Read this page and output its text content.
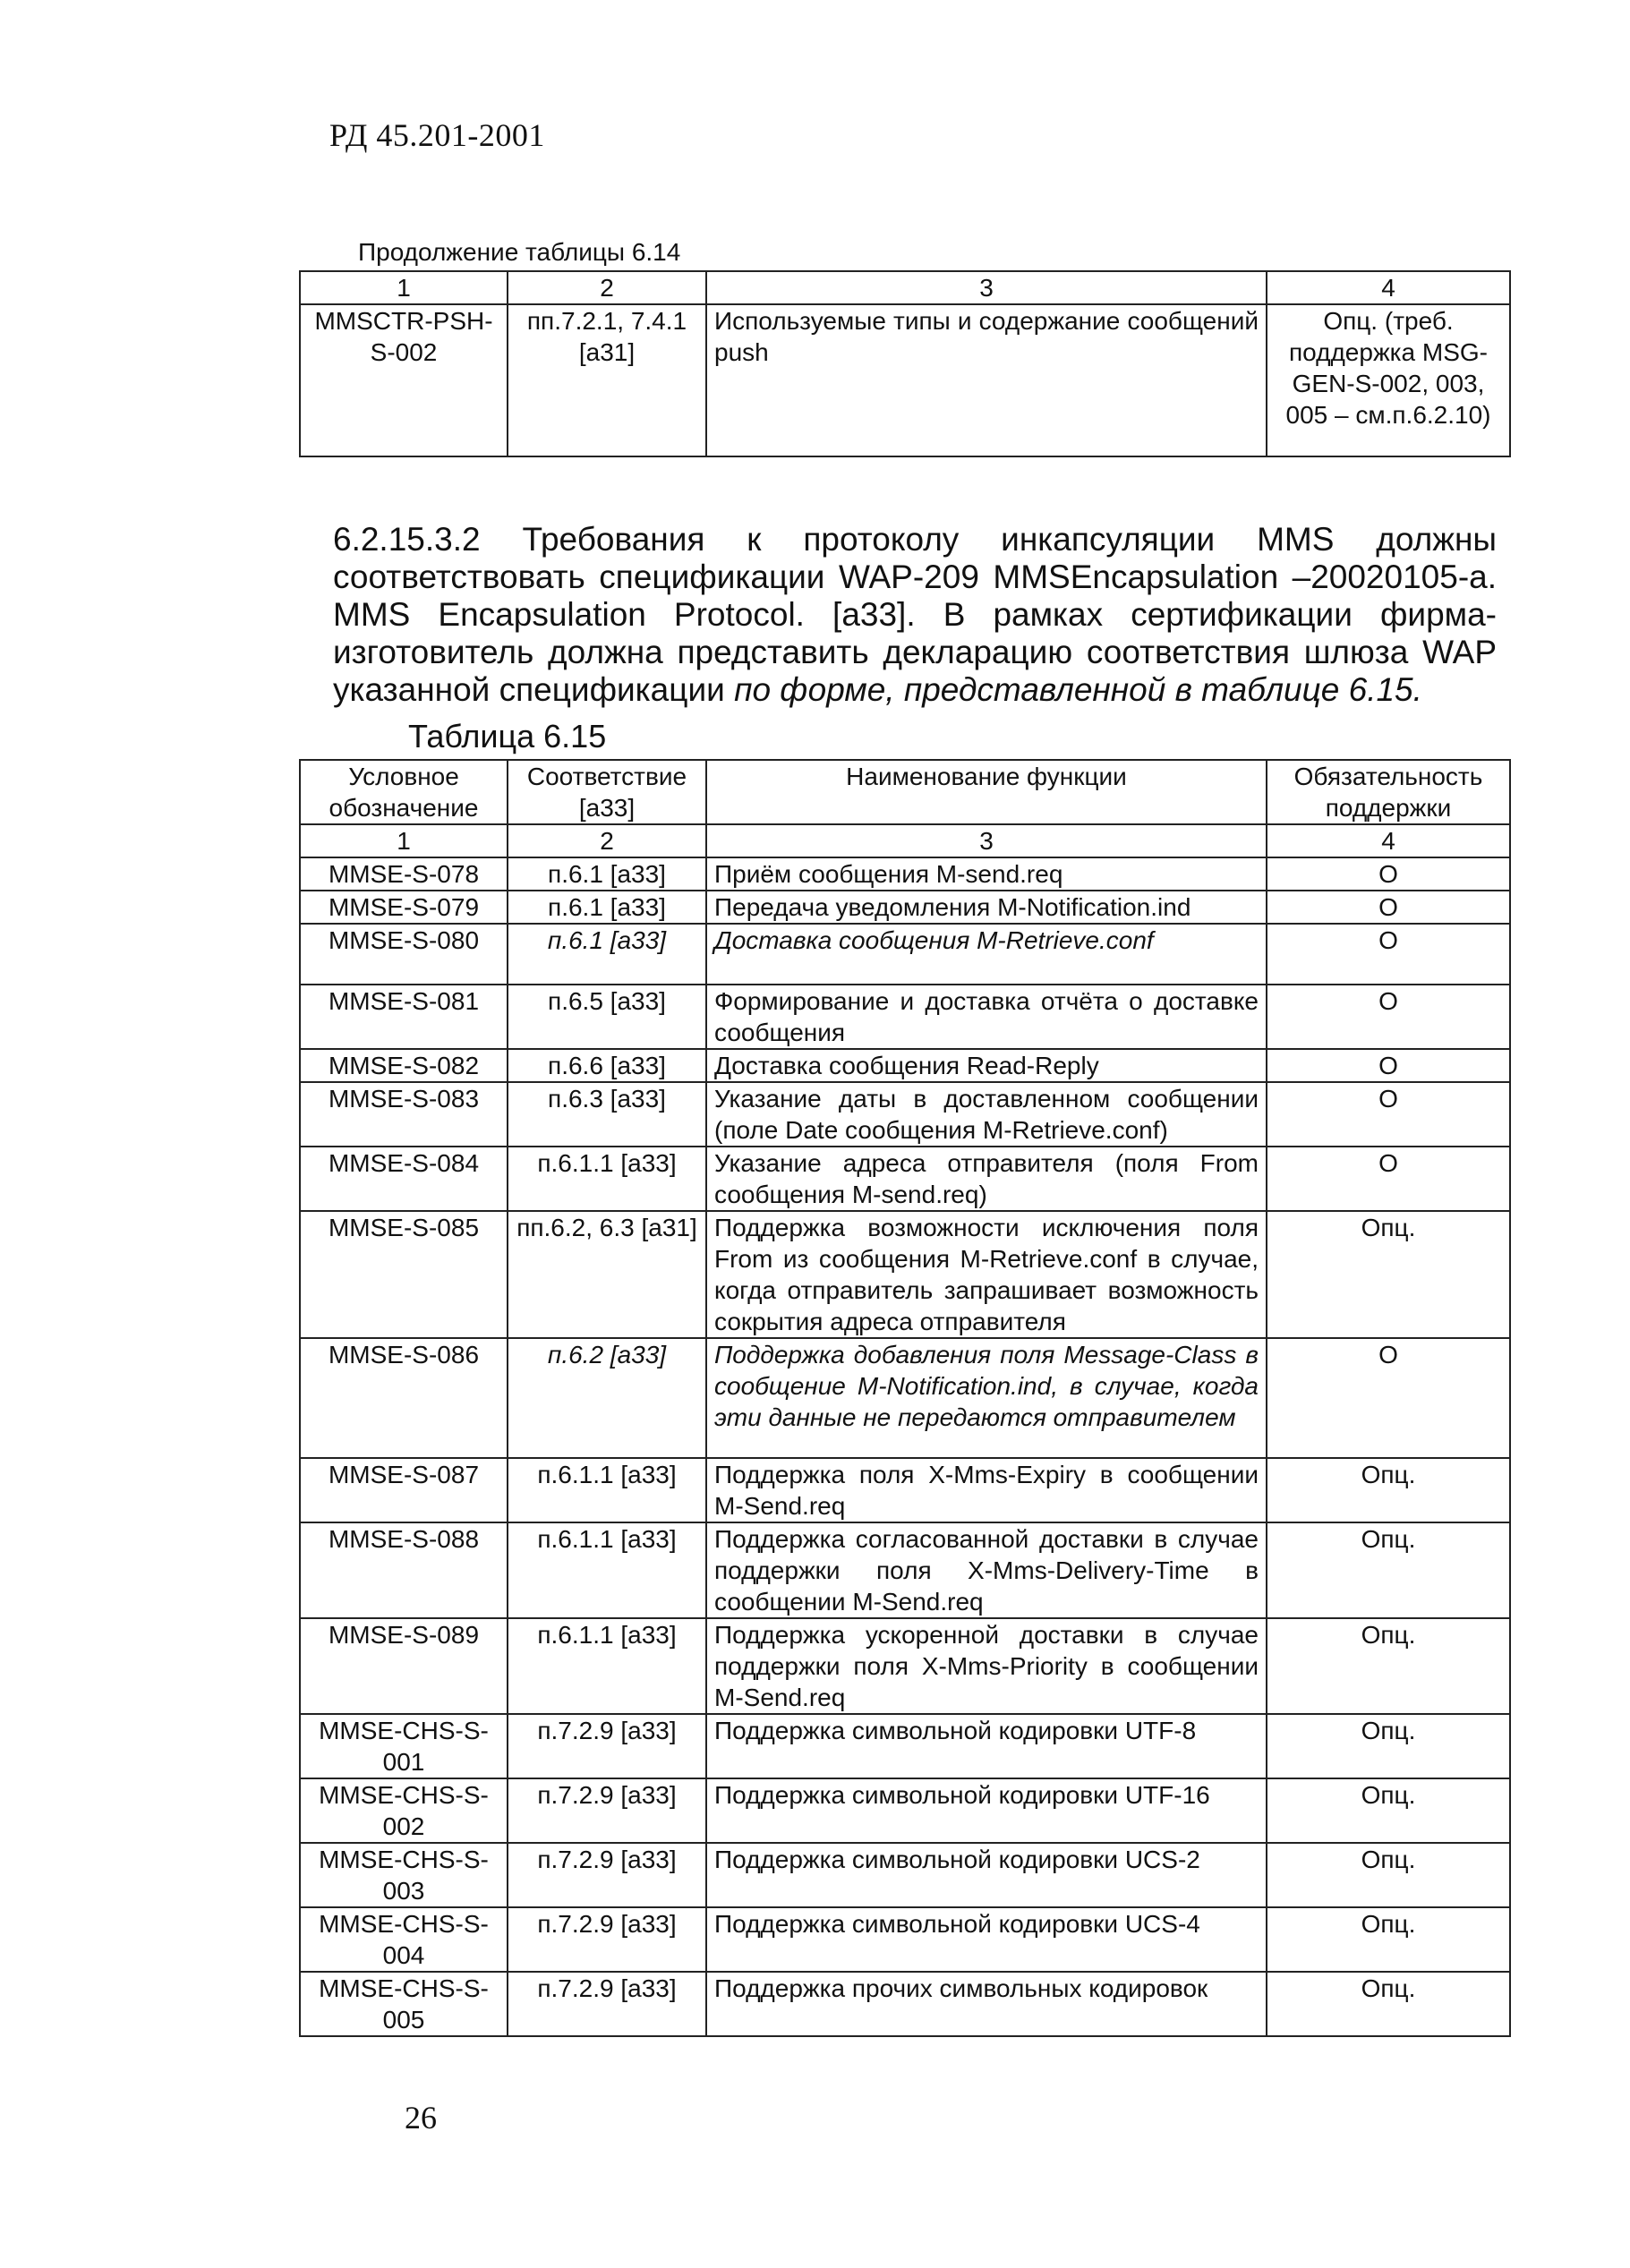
РД 45.201-2001
Продолжение таблицы 6.14
1	2	3	4
MMSCTR-PSH-S-002	пп.7.2.1, 7.4.1 [а31]	Используемые типы и содержание сообщений push	Опц. (треб. поддержка MSG-GEN-S-002, 003, 005 – см.п.6.2.10)
6.2.15.3.2 Требования к протоколу инкапсуляции MMS должны соответствовать спецификации WAP-209 MMSEncapsulation –20020105-a. MMS Encapsulation Protocol. [a33]. В рамках сертификации фирма-изготовитель должна представить декларацию соответствия шлюза WAP указанной спецификации по форме, представленной в таблице 6.15.
Таблица 6.15
Условное обозначение	Соответствие [а33]	Наименование функции	Обязательность поддержки
1	2	3	4
MMSE-S-078	п.6.1 [а33]	Приём сообщения M-send.req	O
MMSE-S-079	п.6.1 [а33]	Передача уведомления M-Notification.ind	O
MMSE-S-080	п.6.1 [а33]	Доставка сообщения M-Retrieve.conf	O
MMSE-S-081	п.6.5 [а33]	Формирование и доставка отчёта о доставке сообщения	O
MMSE-S-082	п.6.6 [а33]	Доставка сообщения Read-Reply	O
MMSE-S-083	п.6.3 [а33]	Указание даты в доставленном сообщении (поле Date сообщения M-Retrieve.conf)	O
MMSE-S-084	п.6.1.1 [а33]	Указание адреса отправителя (поля From сообщения M-send.req)	O
MMSE-S-085	пп.6.2, 6.3 [а31]	Поддержка возможности исключения поля From из сообщения M-Retrieve.conf в случае, когда отправитель запрашивает возможность сокрытия адреса отправителя	Опц.
MMSE-S-086	п.6.2 [а33]	Поддержка добавления поля Message-Class в сообщение M-Notification.ind, в случае, когда эти данные не передаются отправителем	O
MMSE-S-087	п.6.1.1 [а33]	Поддержка поля X-Mms-Expiry в сообщении M-Send.req	Опц.
MMSE-S-088	п.6.1.1 [а33]	Поддержка согласованной доставки в случае поддержки поля X-Mms-Delivery-Time в сообщении M-Send.req	Опц.
MMSE-S-089	п.6.1.1 [а33]	Поддержка ускоренной доставки в случае поддержки поля X-Mms-Priority в сообщении M-Send.req	Опц.
MMSE-CHS-S-001	п.7.2.9 [а33]	Поддержка символьной кодировки UTF-8	Опц.
MMSE-CHS-S-002	п.7.2.9 [а33]	Поддержка символьной кодировки UTF-16	Опц.
MMSE-CHS-S-003	п.7.2.9 [а33]	Поддержка символьной кодировки UCS-2	Опц.
MMSE-CHS-S-004	п.7.2.9 [а33]	Поддержка символьной кодировки UCS-4	Опц.
MMSE-CHS-S-005	п.7.2.9 [а33]	Поддержка прочих символьных кодировок	Опц.
26
